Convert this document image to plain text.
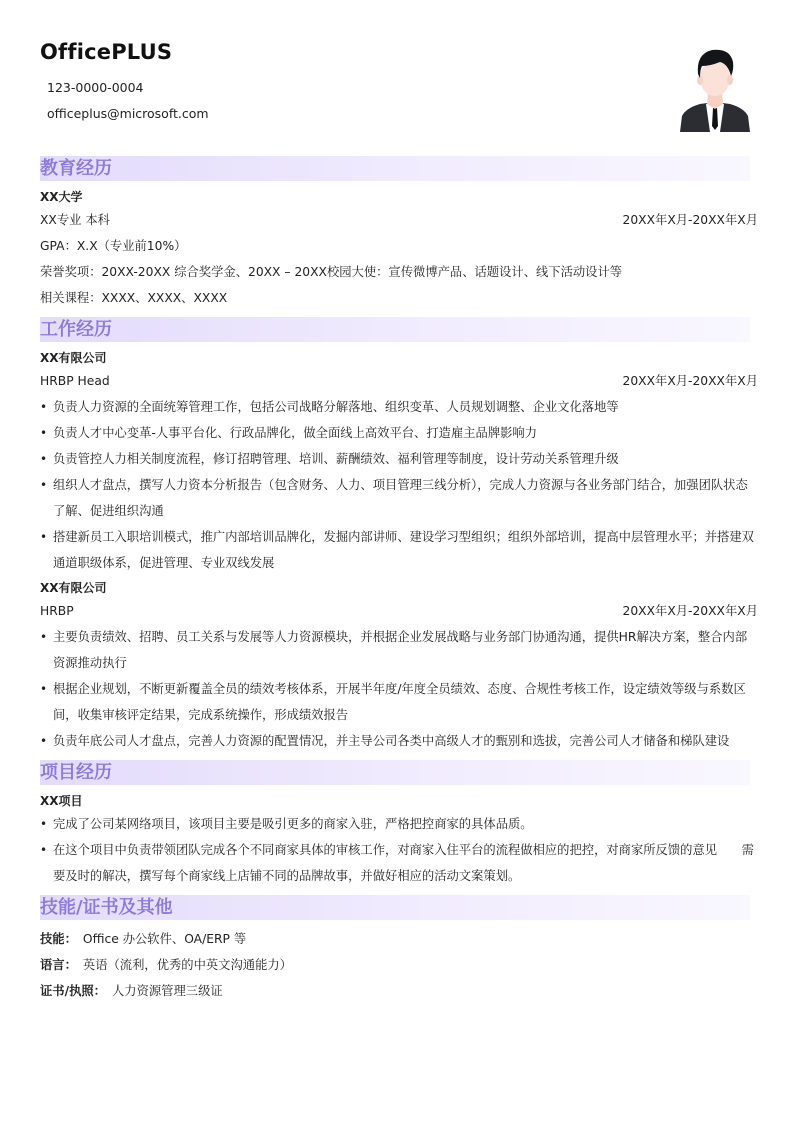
OfficePLUS
123-0000-0004
officeplus@microsoft.com
教育经历
XX大学
XX专业 本科	20XX年X月-20XX年X月
GPA：X.X（专业前10%）
荣誉奖项：20XX-20XX 综合奖学金、20XX – 20XX校园大使：宣传微博产品、话题设计、线下活动设计等
相关课程：XXXX、XXXX、XXXX
工作经历
XX有限公司
HRBP Head	20XX年X月-20XX年X月
• 负责人力资源的全面统筹管理工作，包括公司战略分解落地、组织变革、人员规划调整、企业文化落地等
• 负责人才中心变革-人事平台化、行政品牌化，做全面线上高效平台、打造雇主品牌影响力
• 负责管控人力相关制度流程，修订招聘管理、培训、薪酬绩效、福利管理等制度，设计劳动关系管理升级
• 组织人才盘点，撰写人力资本分析报告（包含财务、人力、项目管理三线分析），完成人力资源与各业务部门结合，加强团队状态了解、促进组织沟通
• 搭建新员工入职培训模式，推广内部培训品牌化，发掘内部讲师、建设学习型组织；组织外部培训，提高中层管理水平；并搭建双通道职级体系，促进管理、专业双线发展
XX有限公司
HRBP	20XX年X月-20XX年X月
• 主要负责绩效、招聘、员工关系与发展等人力资源模块，并根据企业发展战略与业务部门协通沟通，提供HR解决方案，整合内部资源推动执行
• 根据企业规划，不断更新覆盖全员的绩效考核体系，开展半年度/年度全员绩效、态度、合规性考核工作，设定绩效等级与系数区间，收集审核评定结果，完成系统操作，形成绩效报告
• 负责年底公司人才盘点，完善人力资源的配置情况，并主导公司各类中高级人才的甄别和选拔，完善公司人才储备和梯队建设
项目经历
XX项目
• 完成了公司某网络项目，该项目主要是吸引更多的商家入驻，严格把控商家的具体品质。
• 在这个项目中负责带领团队完成各个不同商家具体的审核工作，对商家入住平台的流程做相应的把控，对商家所反馈的意见　　需要及时的解决，撰写每个商家线上店铺不同的品牌故事，并做好相应的活动文案策划。
技能/证书及其他
技能： Office 办公软件、OA/ERP 等
语言： 英语（流利，优秀的中英文沟通能力）
证书/执照： 人力资源管理三级证
